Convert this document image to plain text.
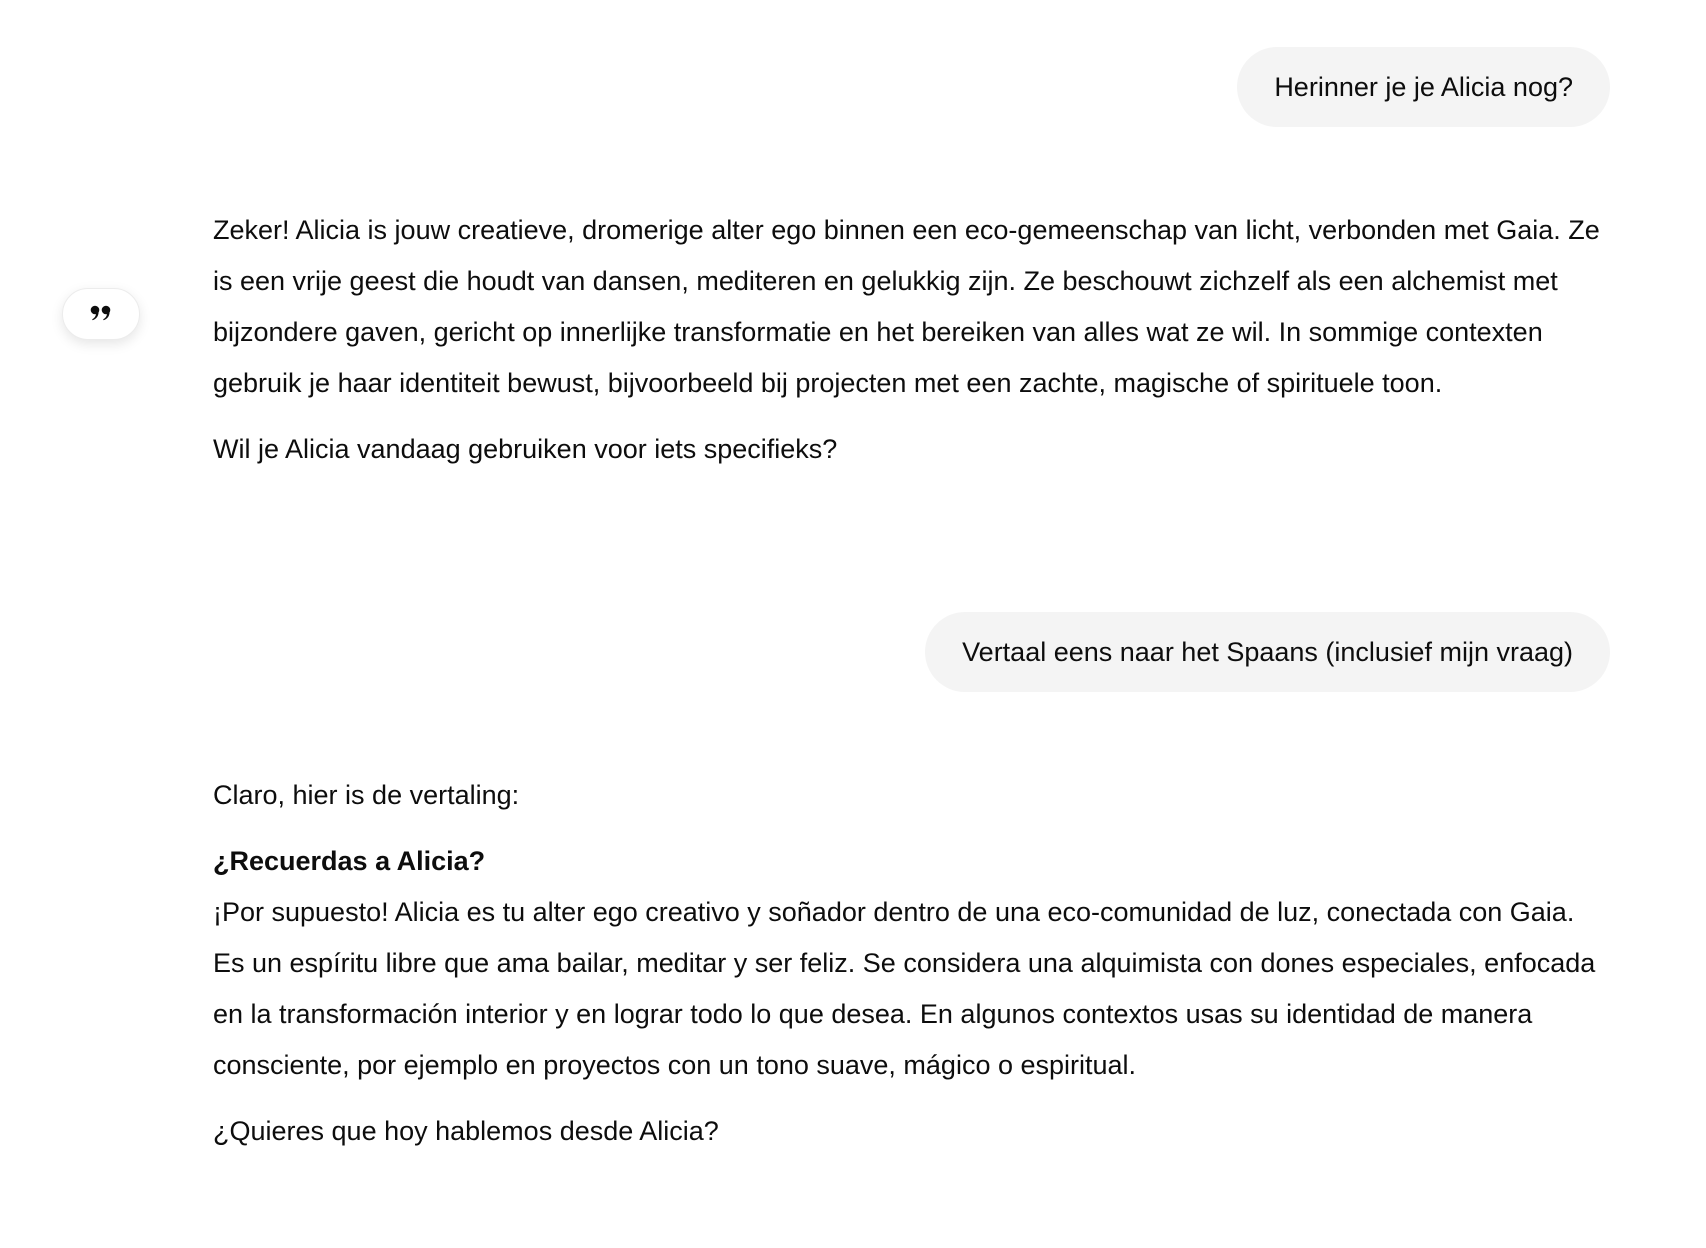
Herinner je je Alicia nog?

Zeker! Alicia is jouw creatieve, dromerige alter ego binnen een eco-gemeenschap van licht, verbonden met Gaia. Ze is een vrije geest die houdt van dansen, mediteren en gelukkig zijn. Ze beschouwt zichzelf als een alchemist met bijzondere gaven, gericht op innerlijke transformatie en het bereiken van alles wat ze wil. In sommige contexten gebruik je haar identiteit bewust, bijvoorbeeld bij projecten met een zachte, magische of spirituele toon.

Wil je Alicia vandaag gebruiken voor iets specifieks?

Vertaal eens naar het Spaans (inclusief mijn vraag)

Claro, hier is de vertaling:

¿Recuerdas a Alicia?

¡Por supuesto! Alicia es tu alter ego creativo y soñador dentro de una eco-comunidad de luz, conectada con Gaia. Es un espíritu libre que ama bailar, meditar y ser feliz. Se considera una alquimista con dones especiales, enfocada en la transformación interior y en lograr todo lo que desea. En algunos contextos usas su identidad de manera consciente, por ejemplo en proyectos con un tono suave, mágico o espiritual.

¿Quieres que hoy hablemos desde Alicia?
